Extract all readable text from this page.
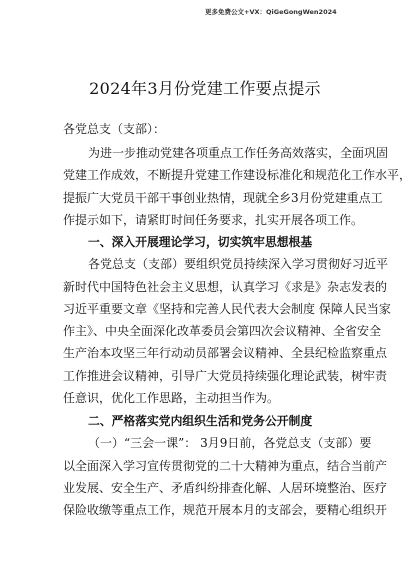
更多免费公文+VX：QiGeGongWen2024
2024年3月份党建工作要点提示
各党总支（支部）：
为进一步推动党建各项重点工作任务高效落实，全面巩固
党建工作成效，不断提升党建工作建设标准化和规范化工作水平，
提振广大党员干部干事创业热情，现就全乡3月份党建重点工
作提示如下，请紧盯时间任务要求，扎实开展各项工作。
一、深入开展理论学习，切实筑牢思想根基
各党总支（支部）要组织党员持续深入学习贯彻好习近平
新时代中国特色社会主义思想，认真学习《求是》杂志发表的
习近平重要文章《坚持和完善人民代表大会制度 保障人民当家
作主》、中央全面深化改革委员会第四次会议精神、全省安全
生产治本攻坚三年行动动员部署会议精神、全县纪检监察重点
工作推进会议精神，引导广大党员持续强化理论武装，树牢责
任意识，优化工作思路，主动担当作为。
二、严格落实党内组织生活和党务公开制度
（一）“三会一课”： 3月9日前，各党总支（支部）要
以全面深入学习宣传贯彻党的二十大精神为重点，结合当前产
业发展、安全生产、矛盾纠纷排查化解、人居环境整治、医疗
保险收缴等重点工作，规范开展本月的支部会，要精心组织开
